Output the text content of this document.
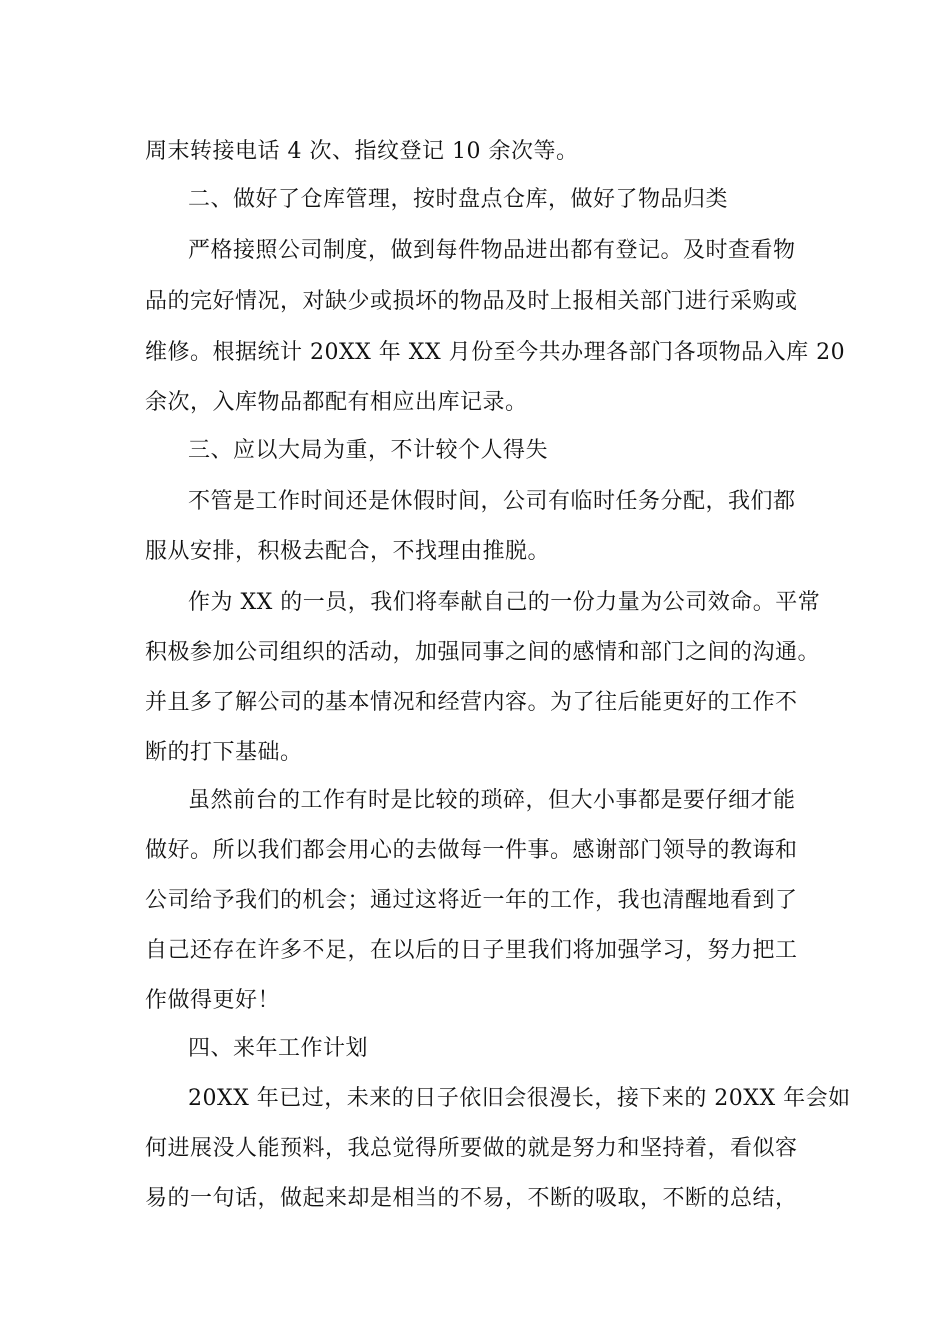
周末转接电话 4 次、指纹登记 10 余次等。
二、做好了仓库管理，按时盘点仓库，做好了物品归类
严格接照公司制度，做到每件物品进出都有登记。及时查看物
品的完好情况，对缺少或损坏的物品及时上报相关部门进行采购或
维修。根据统计 20XX 年 XX 月份至今共办理各部门各项物品入库 20
余次，入库物品都配有相应出库记录。
三、应以大局为重，不计较个人得失
不管是工作时间还是休假时间，公司有临时任务分配，我们都
服从安排，积极去配合，不找理由推脱。
作为 XX 的一员，我们将奉献自己的一份力量为公司效命。平常
积极参加公司组织的活动，加强同事之间的感情和部门之间的沟通。
并且多了解公司的基本情况和经营内容。为了往后能更好的工作不
断的打下基础。
虽然前台的工作有时是比较的琐碎，但大小事都是要仔细才能
做好。所以我们都会用心的去做每一件事。感谢部门领导的教诲和
公司给予我们的机会；通过这将近一年的工作，我也清醒地看到了
自己还存在许多不足，在以后的日子里我们将加强学习，努力把工
作做得更好！
四、来年工作计划
20XX 年已过，未来的日子依旧会很漫长，接下来的 20XX 年会如
何进展没人能预料，我总觉得所要做的就是努力和坚持着，看似容
易的一句话，做起来却是相当的不易，不断的吸取，不断的总结，
